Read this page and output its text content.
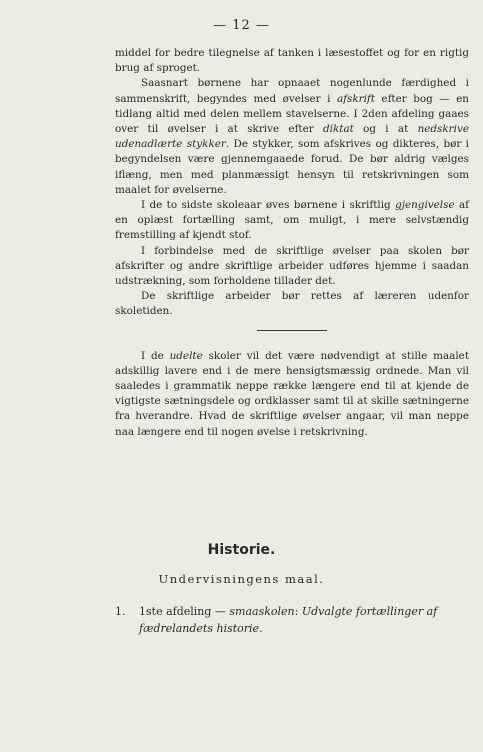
— 12 —

middel for bedre tilegnelse af tanken i læsestoffet og for en rigtig brug af sproget.

Saasnart børnene har opnaaet nogenlunde færdighed i sammenskrift, begyndes med øvelser i afskrift efter bog — en tidlang altid med delen mellem stavelserne. I 2den afdeling gaaes over til øvelser i at skrive efter diktat og i at nedskrive udenadlærte stykker. De stykker, som afskrives og dikteres, bør i begyndelsen være gjennemgaaede forud. De bør aldrig vælges iflæng, men med planmæssigt hensyn til retskrivningen som maalet for øvelserne.

I de to sidste skoleaar øves børnene i skriftlig gjengivelse af en oplæst fortælling samt, om muligt, i mere selvstændig fremstilling af kjendt stof.

I forbindelse med de skriftlige øvelser paa skolen bør afskrifter og andre skriftlige arbeider udføres hjemme i saadan udstrækning, som forholdene tillader det.

De skriftlige arbeider bør rettes af læreren udenfor skoletiden.

I de udelte skoler vil det være nødvendigt at stille maalet adskillig lavere end i de mere hensigtsmæssig ordnede. Man vil saaledes i grammatik neppe række længere end til at kjende de vigtigste sætningsdele og ordklasser samt til at skille sætningerne fra hverandre. Hvad de skriftlige øvelser angaar, vil man neppe naa længere end til nogen øvelse i retskrivning.

Historie.
Undervisningens maal.
1. 1ste afdeling — smaaskolen: Udvalgte fortællinger af fædrelandets historie.
